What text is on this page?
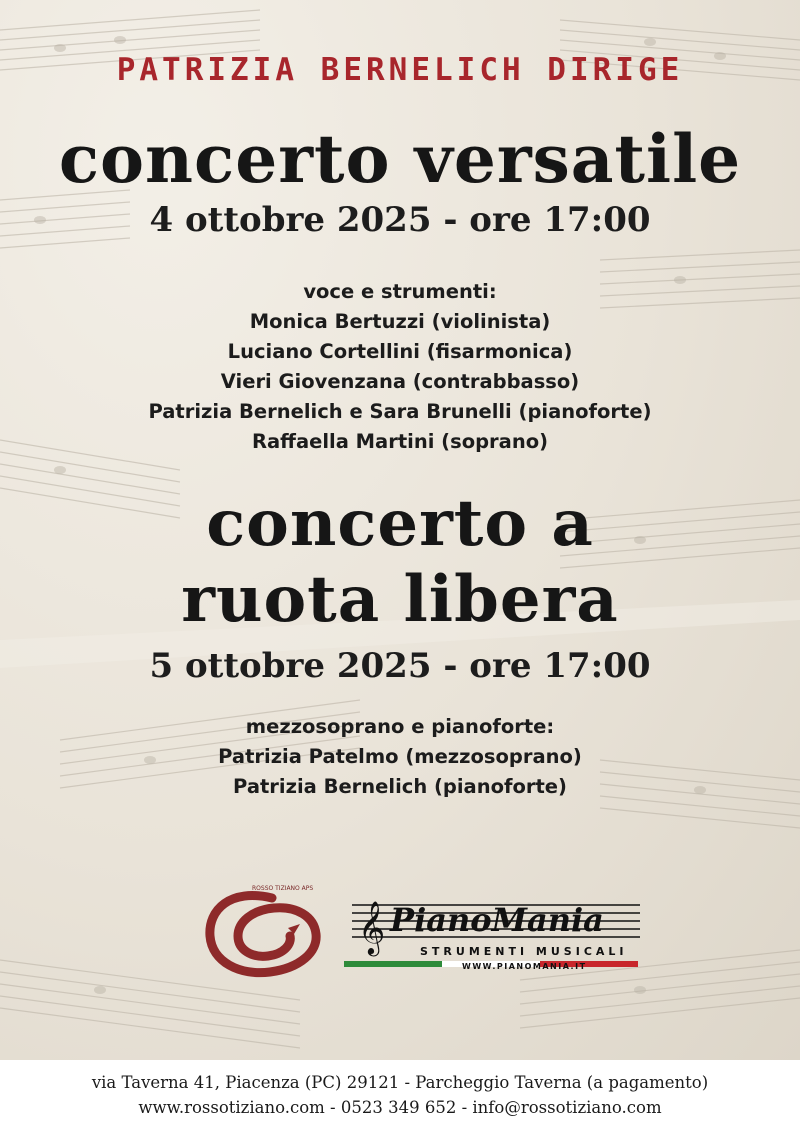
PATRIZIA BERNELICH DIRIGE
concerto versatile
4 ottobre 2025 - ore 17:00
voce e strumenti:
Monica Bertuzzi (violinista)
Luciano Cortellini (fisarmonica)
Vieri Giovenzana (contrabbasso)
Patrizia Bernelich e Sara Brunelli (pianoforte)
Raffaella Martini (soprano)
concerto a
ruota libera
5 ottobre 2025 - ore 17:00
mezzosoprano e pianoforte:
Patrizia Patelmo (mezzosoprano)
Patrizia Bernelich (pianoforte)
ROSSO TIZIANO APS
𝄞 PianoMania
STRUMENTI MUSICALI
WWW.PIANOMANIA.IT
via Taverna 41, Piacenza (PC) 29121 - Parcheggio Taverna (a pagamento)
www.rossotiziano.com - 0523 349 652 - info@rossotiziano.com
